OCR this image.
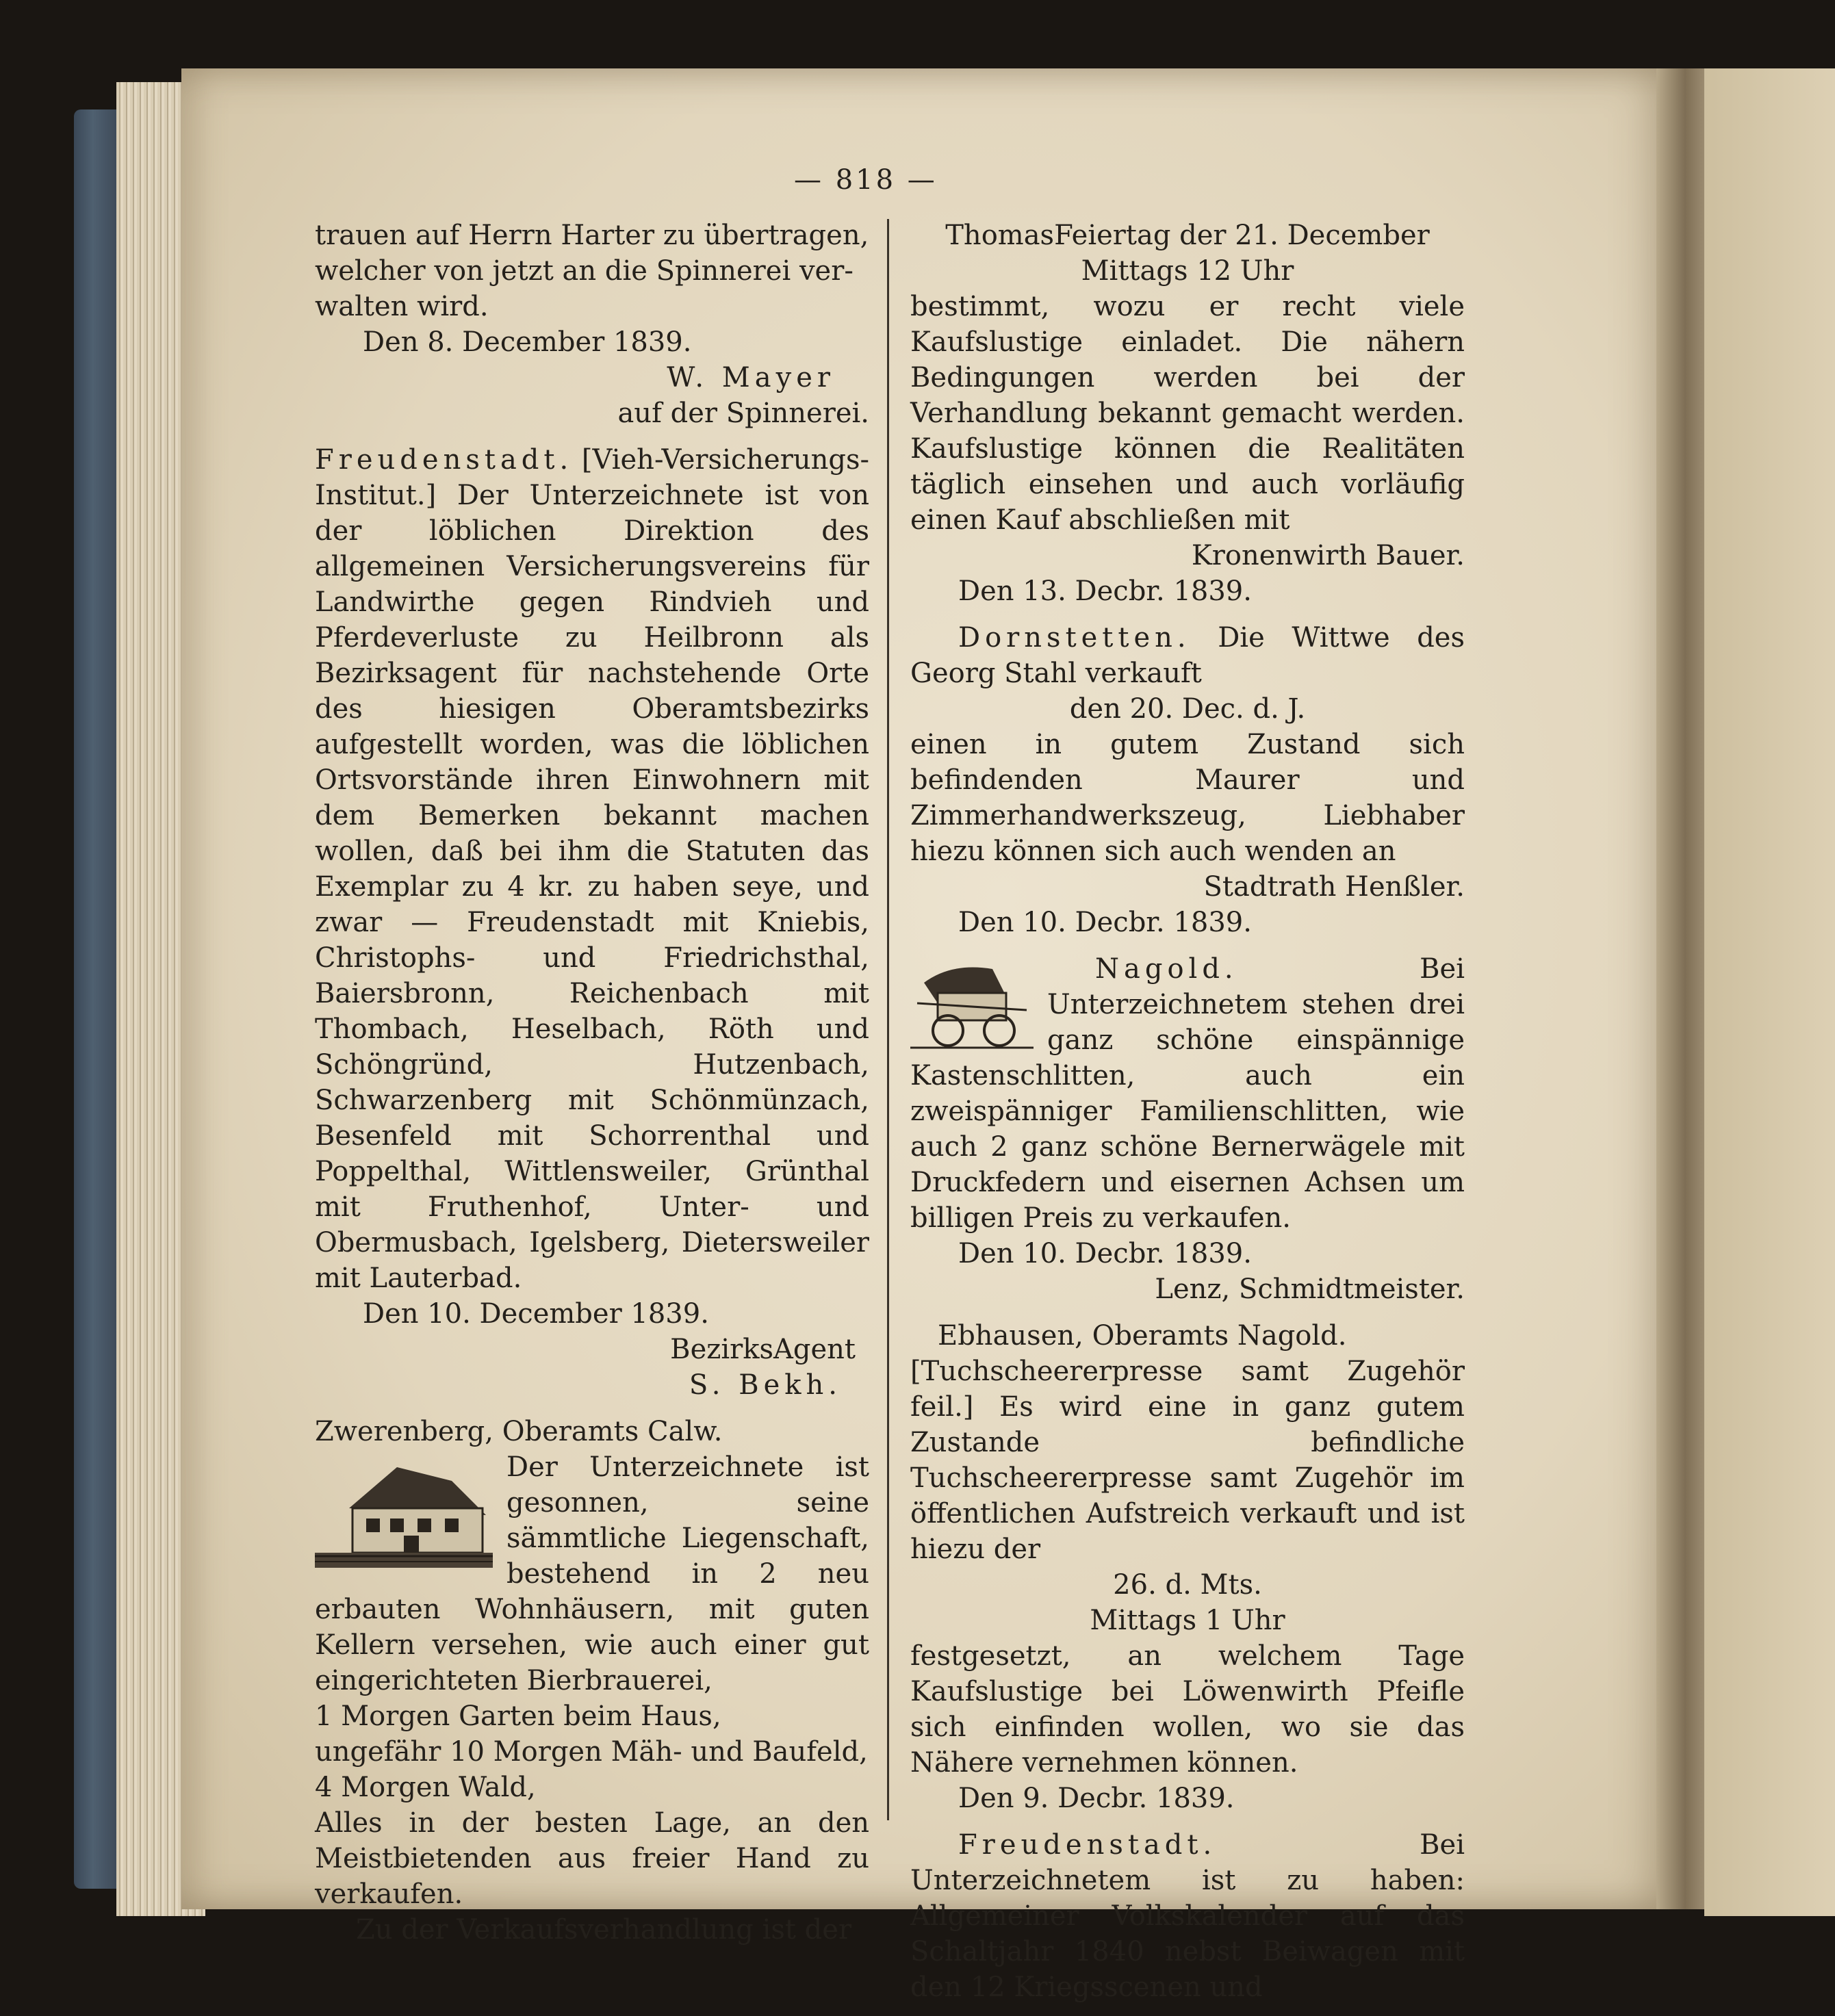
— 818 —

trauen auf Herrn Harter zu übertragen,
welcher von jetzt an die Spinnerei ver-
walten wird.
Den 8. December 1839.
W. Mayer
auf der Spinnerei.

Freudenstadt. [Vieh-Versicherungs-Institut.] Der Unterzeichnete ist von der löblichen Direktion des allgemeinen Versicherungsvereins für Landwirthe gegen Rindvieh und Pferdeverluste zu Heilbronn als Bezirksagent für nachstehende Orte des hiesigen Oberamtsbezirks aufgestellt worden, was die löblichen Ortsvorstände ihren Einwohnern mit dem Bemerken bekannt machen wollen, daß bei ihm die Statuten das Exemplar zu 4 kr. zu haben seye, und zwar — Freudenstadt mit Kniebis, Christophs- und Friedrichsthal, Baiersbronn, Reichenbach mit Thombach, Heselbach, Röth und Schöngründ, Hutzenbach, Schwarzenberg mit Schönmünzach, Besenfeld mit Schorrenthal und Poppelthal, Wittlensweiler, Grünthal mit Fruthenhof, Unter- und Obermusbach, Igelsberg, Dietersweiler mit Lauterbad.
Den 10. December 1839.
BezirksAgent
S. Bekh.

Zwerenberg, Oberamts Calw.
Der Unterzeichnete ist gesonnen, seine sämmtliche Liegenschaft, bestehend in 2 neu erbauten Wohnhäusern, mit guten Kellern versehen, wie auch einer gut eingerichteten Bierbrauerei,
1 Morgen Garten beim Haus,
ungefähr 10 Morgen Mäh- und Baufeld,
4 Morgen Wald,
Alles in der besten Lage, an den Meistbietenden aus freier Hand zu verkaufen.
Zu der Verkaufsverhandlung ist der

ThomasFeiertag der 21. December
Mittags 12 Uhr
bestimmt, wozu er recht viele Kaufslustige einladet. Die nähern Bedingungen werden bei der Verhandlung bekannt gemacht werden. Kaufslustige können die Realitäten täglich einsehen und auch vorläufig einen Kauf abschließen mit
Kronenwirth Bauer.
Den 13. Decbr. 1839.

Dornstetten. Die Wittwe des Georg Stahl verkauft
den 20. Dec. d. J.
einen in gutem Zustand sich befindenden Maurer und Zimmerhandwerkszeug, Liebhaber hiezu können sich auch wenden an
Stadtrath Henßler.
Den 10. Decbr. 1839.

Nagold.	Bei Unterzeichnetem stehen drei ganz schöne einspännige Kastenschlitten, auch ein zweispänniger Familienschlitten, wie auch 2 ganz schöne Bernerwägele mit Druckfedern und eisernen Achsen um billigen Preis zu verkaufen.
Den 10. Decbr. 1839.
Lenz, Schmidtmeister.

Ebhausen, Oberamts Nagold.
[Tuchscheererpresse samt Zugehör feil.] Es wird eine in ganz gutem Zustande befindliche Tuchscheererpresse samt Zugehör im öffentlichen Aufstreich verkauft und ist hiezu der
26. d. Mts.
Mittags 1 Uhr
festgesetzt, an welchem Tage Kaufslustige bei Löwenwirth Pfeifle sich einfinden wollen, wo sie das Nähere vernehmen können.
Den 9. Decbr. 1839.

Freudenstadt.	Bei Unterzeichnetem ist zu haben: Allgemeiner Volkskalender auf das Schaltjahr 1840 nebst Beiwagen mit den 12 Kriegsscenen und
